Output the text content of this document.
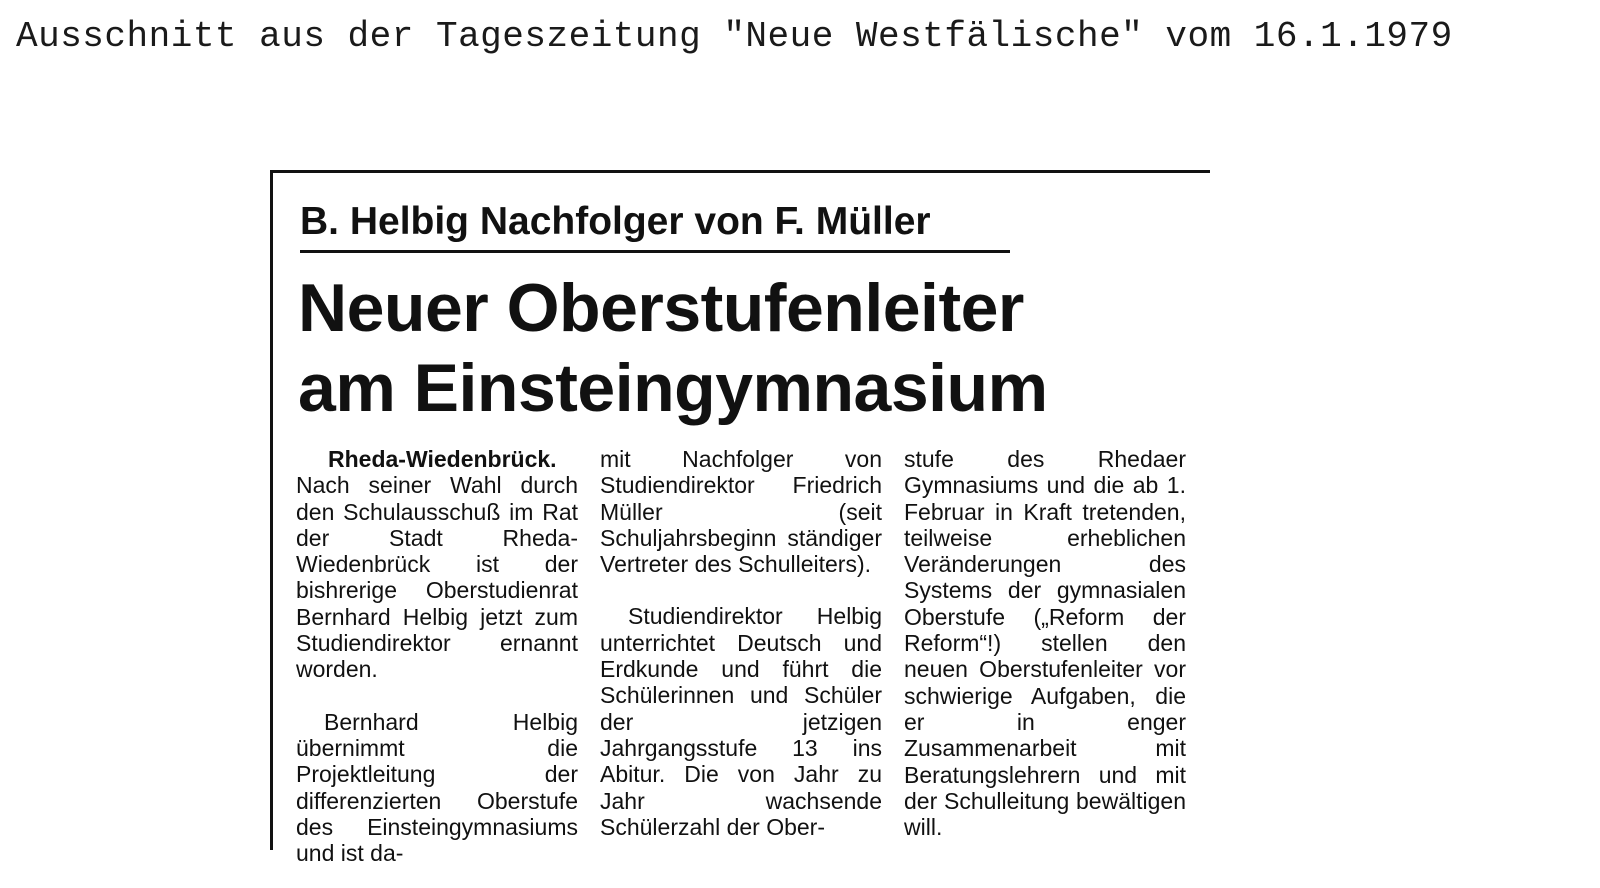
Ausschnitt aus der Tageszeitung "Neue Westfälische" vom 16.1.1979
B. Helbig Nachfolger von F. Müller
Neuer Oberstufenleiter
am Einsteingymnasium

Rheda-Wiedenbrück. Nach seiner Wahl durch den Schulausschuß im Rat der Stadt Rheda-Wiedenbrück ist der bishrerige Oberstudienrat Bernhard Helbig jetzt zum Studiendirektor ernannt worden.

Bernhard Helbig übernimmt die Projektleitung der differenzierten Oberstufe des Einsteingymnasiums und ist da-

mit Nachfolger von Studiendirektor Friedrich Müller (seit Schuljahrsbeginn ständiger Vertreter des Schulleiters).

Studiendirektor Helbig unterrichtet Deutsch und Erdkunde und führt die Schülerinnen und Schüler der jetzigen Jahrgangsstufe 13 ins Abitur. Die von Jahr zu Jahr wachsende Schülerzahl der Ober-

stufe des Rhedaer Gymnasiums und die ab 1. Februar in Kraft tretenden, teilweise erheblichen Veränderungen des Systems der gymnasialen Oberstufe („Reform der Reform“!) stellen den neuen Oberstufenleiter vor schwierige Aufgaben, die er in enger Zusammenarbeit mit Beratungslehrern und mit der Schulleitung bewältigen will.
